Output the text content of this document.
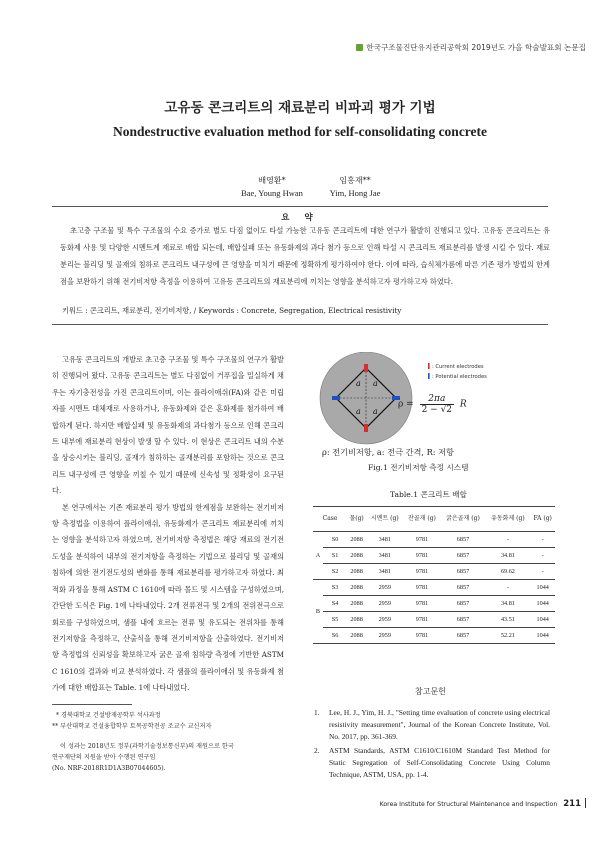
한국구조물진단유지관리공학회 2019년도 가을 학술발표회 논문집
고유동 콘크리트의 재료분리 비파괴 평가 기법
Nondestructive evaluation method for self-consolidating concrete
배영환*
Bae, Young Hwan
임홍재**
Yim, Hong Jae
요 약
초고층 구조물 및 특수 구조물의 수요 증가로 별도 다짐 없이도 타설 가능한 고유동 콘크리트에 대한 연구가 활발히 진행되고 있다. 고유동 콘크리트는 유동화제 사용 및 다양한 시멘트계 재료로 배합 되는데, 배합실패 또는 유동화제의 과다 첨가 등으로 인해 타설 시 콘크리트 재료분리를 발생 시킬 수 있다. 재료분리는 블리딩 및 골재의 침하로 콘크리트 내구성에 큰 영향을 미치기 때문에 정확하게 평가하여야 한다. 이에 따라, 습식체가름에 따른 기존 평가 방법의 한계점을 보완하기 위해 전기비저항 측정을 이용하여 고유동 콘크리트의 재료분리에 끼치는 영향을 분석하고자 평가하고자 하였다.
키워드 : 콘크리트, 재료분리, 전기비저항, / Keywords : Concrete, Segregation, Electrical resistivity

고유동 콘크리트의 개발로 초고층 구조물 및 특수 구조물의 연구가 활발히 진행되어 왔다. 고유동 콘크리트는 별도 다짐없이 거푸집을 밀실하게 채우는 자기충전성을 가진 콘크리트이며, 이는 플라이애쉬(FA)와 같은 미립자를 시멘트 대체재로 사용하거나, 유동화제와 같은 혼화제를 첨가하여 배합하게 된다. 하지만 배합실패 및 유동화제의 과다첨가 등으로 인해 콘크리트 내부에 재료분리 현상이 발생 할 수 있다. 이 현상은 콘크리트 내의 수분을 상승시키는 블리딩, 골재가 침하하는 골재분리를 포함하는 것으로 콘크리트 내구성에 큰 영향을 끼칠 수 있기 때문에 신속성 및 정확성이 요구된다.

본 연구에서는 기존 재료분리 평가 방법의 한계점을 보완하는 전기비저항 측정법을 이용하여 플라이애쉬, 유동화제가 콘크리트 재료분리에 끼치는 영향을 분석하고자 하였으며, 전기비저항 측정법은 해당 재료의 전기전도성을 분석하여 내부의 전기저항을 측정하는 기법으로 블리딩 및 골재의 침하에 의한 전기전도성의 변화를 통해 재료분리를 평가하고자 하였다. 최적화 과정을 통해 ASTM C 1610에 따라 몰드 및 시스템을 구성하였으며, 간단한 도식은 Fig. 1에 나타내었다. 2개 전류전극 및 2개의 전위전극으로 회로를 구성하였으며, 샘플 내에 흐르는 전류 및 유도되는 전위차를 통해 전기저항을 측정하고, 산출식을 통해 전기비저항을 산출하였다. 전기비저항 측정법의 신뢰성을 확보하고자 굵은 골재 침하량 측정에 기반한 ASTM C 1610의 결과와 비교 분석하였다. 각 샘플의 플라이애쉬 및 유동화제 첨가에 대한 배합표는 Table. 1에 나타내었다.

a a
a a
: Current electrodes
: Potential electrodes
$\rho = \frac{2\pi a}{2 - √2}$ R
ρ: 전기비저항, a: 전극 간격, R: 저항
Fig.1 전기비저항 측정 시스템
Table.1 콘크리트 배합
Case		물(g)	시멘트 (g)	잔골재 (g)	굵은골재 (g)	유동화제 (g)	FA (g)
A	S0	2088	3481	9781	6857	-	-
	S1	2088	3481	9781	6857	34.81	-
	S2	2088	3481	9781	6857	69.62	-
B	S3	2088	2959	9781	6857	-	1044
	S4	2088	2959	9781	6857	34.81	1044
	S5	2088	2959	9781	6857	43.51	1044
	S6	2088	2959	9781	6857	52.21	1044
참고문헌
1. Lee, H. J., Yim, H. J., "Setting time evaluation of concrete using electrical resistivity measurement", Journal of the Korean Concrete Institute, Vol. No. 2017, pp. 361-369.
2. ASTM Standards, ASTM C1610/C1610M Standard Test Method for Static Segregation of Self-Consolidating Concrete Using Column Technique, ASTM, USA, pp. 1-4.
* 경북대학교 건설방재공학부 석사과정
** 부산대학교 건설융합학부 토목공학전공 조교수 교신저자
이 성과는 2018년도 정부(과학기술정보통신부)의 재원으로 한국
연구재단의 지원을 받아 수행된 연구임
(No. NRF-2018R1D1A3B07044605).
Korea Institute for Structural Maintenance and Inspection 211
